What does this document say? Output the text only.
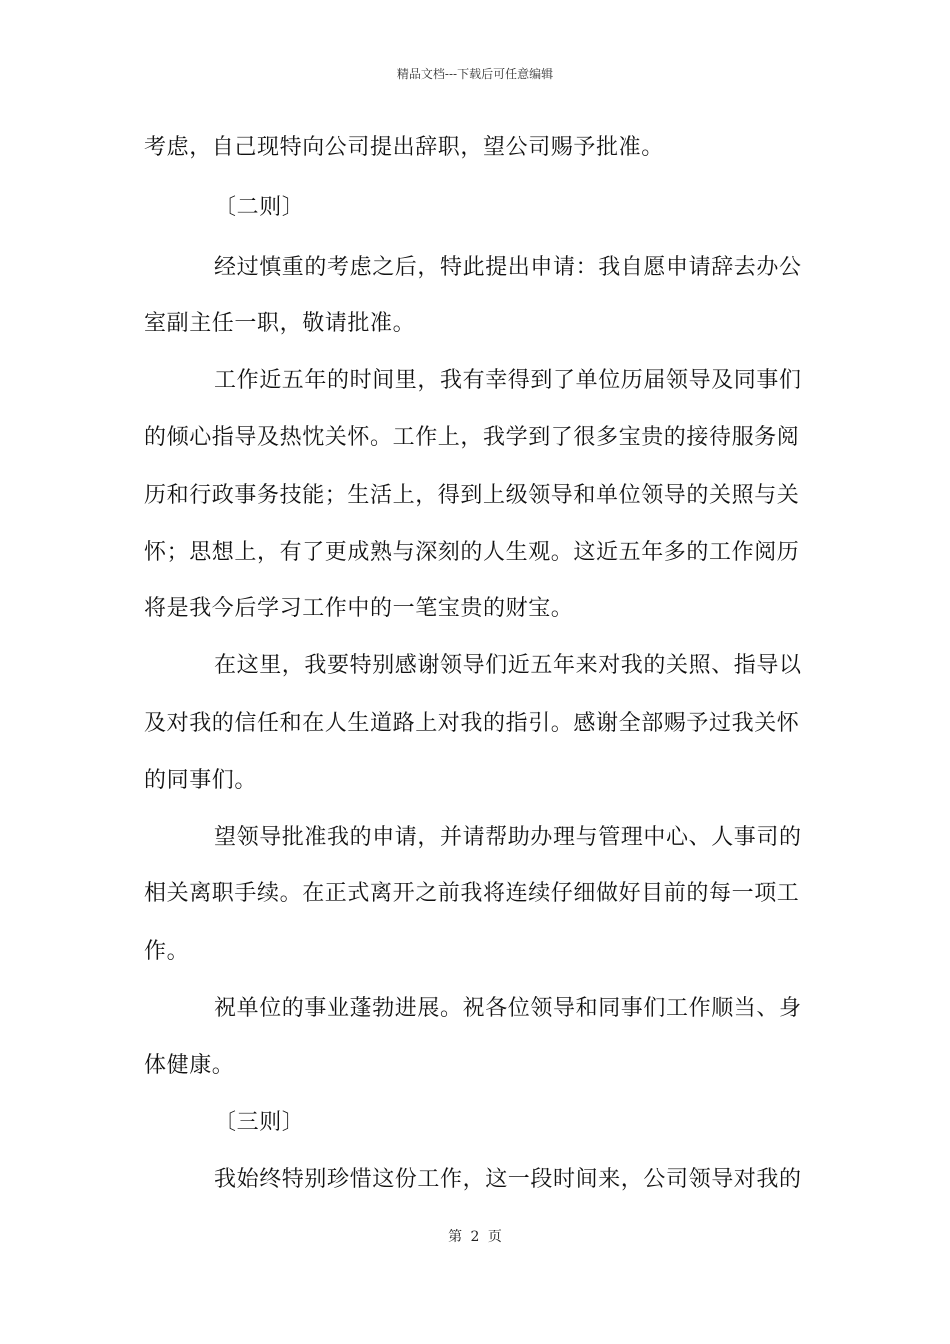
精品文档---下载后可任意编辑
考虑，自己现特向公司提出辞职，望公司赐予批准。
〔二则〕
经过慎重的考虑之后，特此提出申请：我自愿申请辞去办公
室副主任一职，敬请批准。
工作近五年的时间里，我有幸得到了单位历届领导及同事们
的倾心指导及热忱关怀。工作上，我学到了很多宝贵的接待服务阅
历和行政事务技能；生活上，得到上级领导和单位领导的关照与关
怀；思想上，有了更成熟与深刻的人生观。这近五年多的工作阅历
将是我今后学习工作中的一笔宝贵的财宝。
在这里，我要特别感谢领导们近五年来对我的关照、指导以
及对我的信任和在人生道路上对我的指引。感谢全部赐予过我关怀
的同事们。
望领导批准我的申请，并请帮助办理与管理中心、人事司的
相关离职手续。在正式离开之前我将连续仔细做好目前的每一项工
作。
祝单位的事业蓬勃进展。祝各位领导和同事们工作顺当、身
体健康。
〔三则〕
我始终特别珍惜这份工作，这一段时间来，公司领导对我的
第 2 页
